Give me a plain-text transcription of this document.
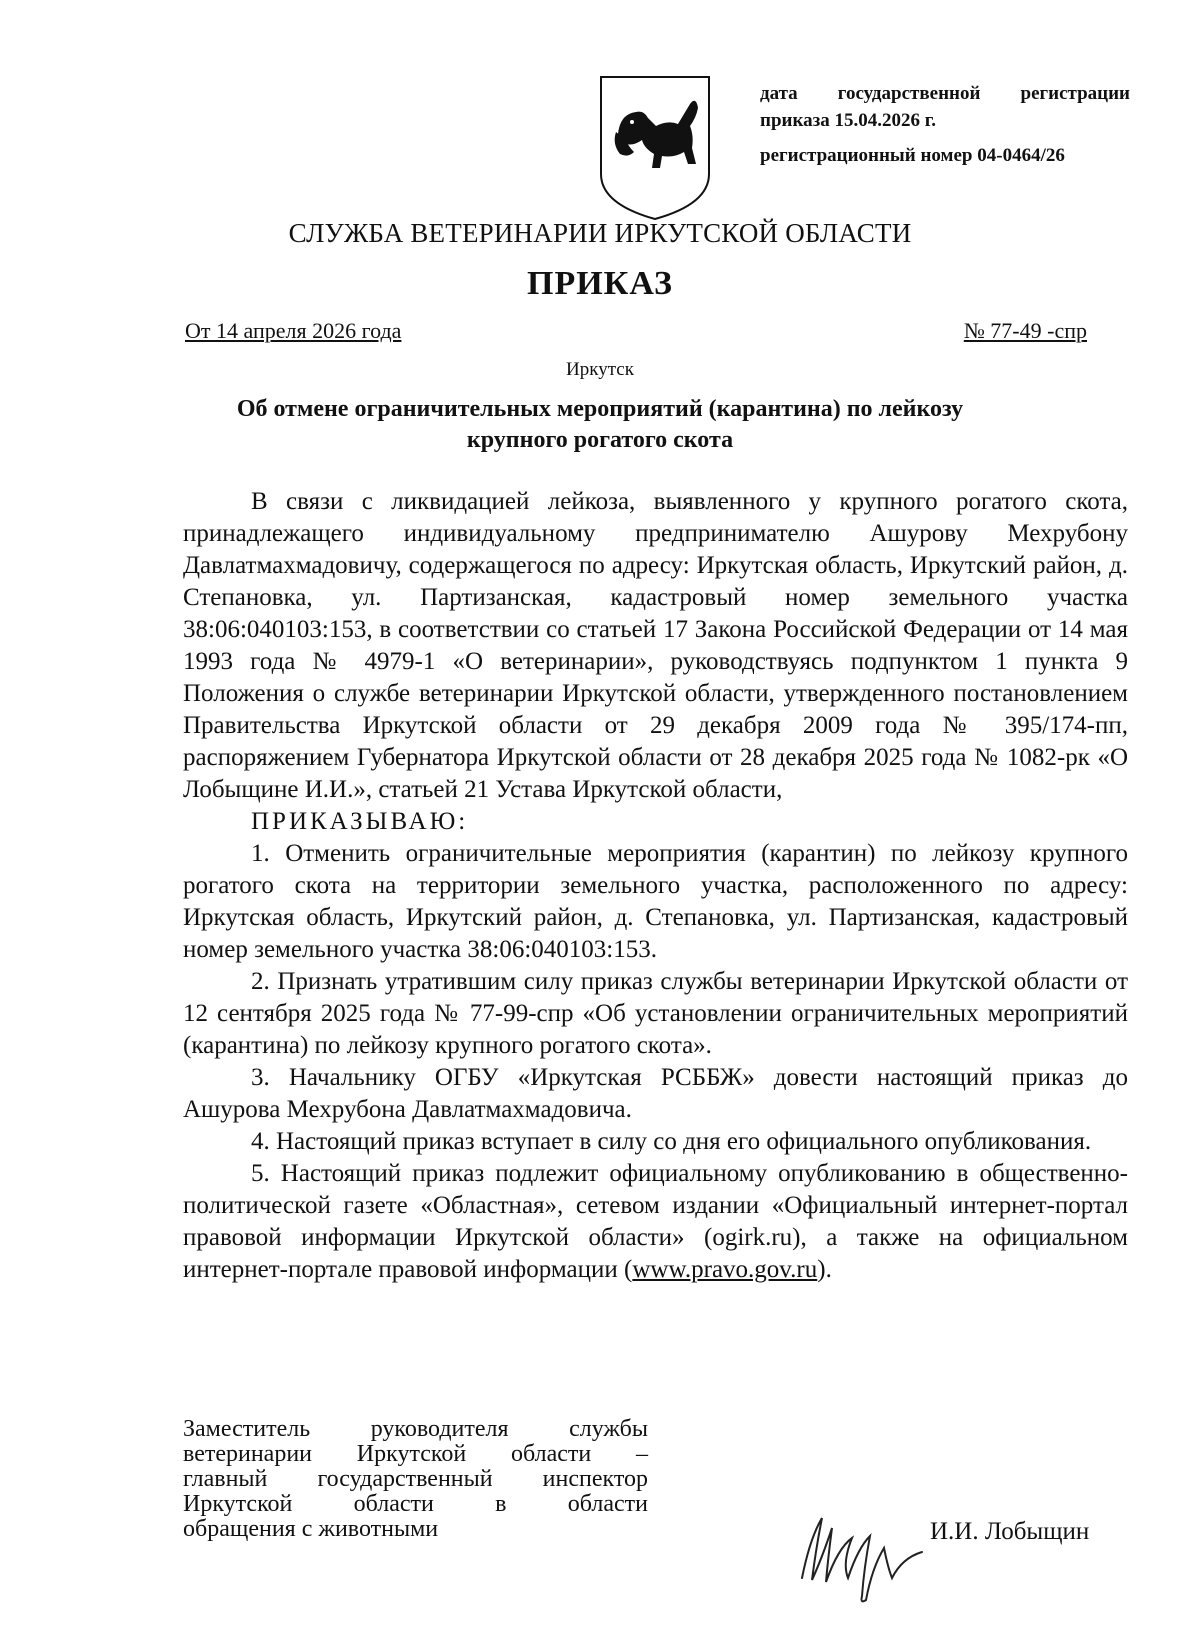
дата государственной регистрации
приказа 15.04.2026 г.
регистрационный номер 04-0464/26
СЛУЖБА ВЕТЕРИНАРИИ ИРКУТСКОЙ ОБЛАСТИ
ПРИКАЗ
От 14 апреля 2026 года	№ 77-49 -спр
Иркутск
Об отмене ограничительных мероприятий (карантина) по лейкозу
крупного рогатого скота

В связи с ликвидацией лейкоза, выявленного у крупного рогатого скота, принадлежащего индивидуальному предпринимателю Ашурову Мехрубону Давлатмахмадовичу, содержащегося по адресу: Иркутская область, Иркутский район, д. Степановка, ул. Партизанская, кадастровый номер земельного участка 38:06:040103:153, в соответствии со статьей 17 Закона Российской Федерации от 14 мая 1993 года № 4979-1 «О ветеринарии», руководствуясь подпунктом 1 пункта 9 Положения о службе ветеринарии Иркутской области, утвержденного постановлением Правительства Иркутской области от 29 декабря 2009 года № 395/174-пп, распоряжением Губернатора Иркутской области от 28 декабря 2025 года № 1082-рк «О Лобыщине И.И.», статьей 21 Устава Иркутской области,

ПРИКАЗЫВАЮ:

1. Отменить ограничительные мероприятия (карантин) по лейкозу крупного рогатого скота на территории земельного участка, расположенного по адресу: Иркутская область, Иркутский район, д. Степановка, ул. Партизанская, кадастровый номер земельного участка 38:06:040103:153.

2. Признать утратившим силу приказ службы ветеринарии Иркутской области от 12 сентября 2025 года № 77-99-спр «Об установлении ограничительных мероприятий (карантина) по лейкозу крупного рогатого скота».

3. Начальнику ОГБУ «Иркутская РСББЖ» довести настоящий приказ до Ашурова Мехрубона Давлатмахмадовича.

4. Настоящий приказ вступает в силу со дня его официального опубликования.

5. Настоящий приказ подлежит официальному опубликованию в общественно-политической газете «Областная», сетевом издании «Официальный интернет-портал правовой информации Иркутской области» (ogirk.ru), а также на официальном интернет-портале правовой информации (www.pravo.gov.ru).

Заместитель руководителя службы
ветеринарии Иркутской области –
главный государственный инспектор
Иркутской области в области
обращения с животными	И.И. Лобыщин
